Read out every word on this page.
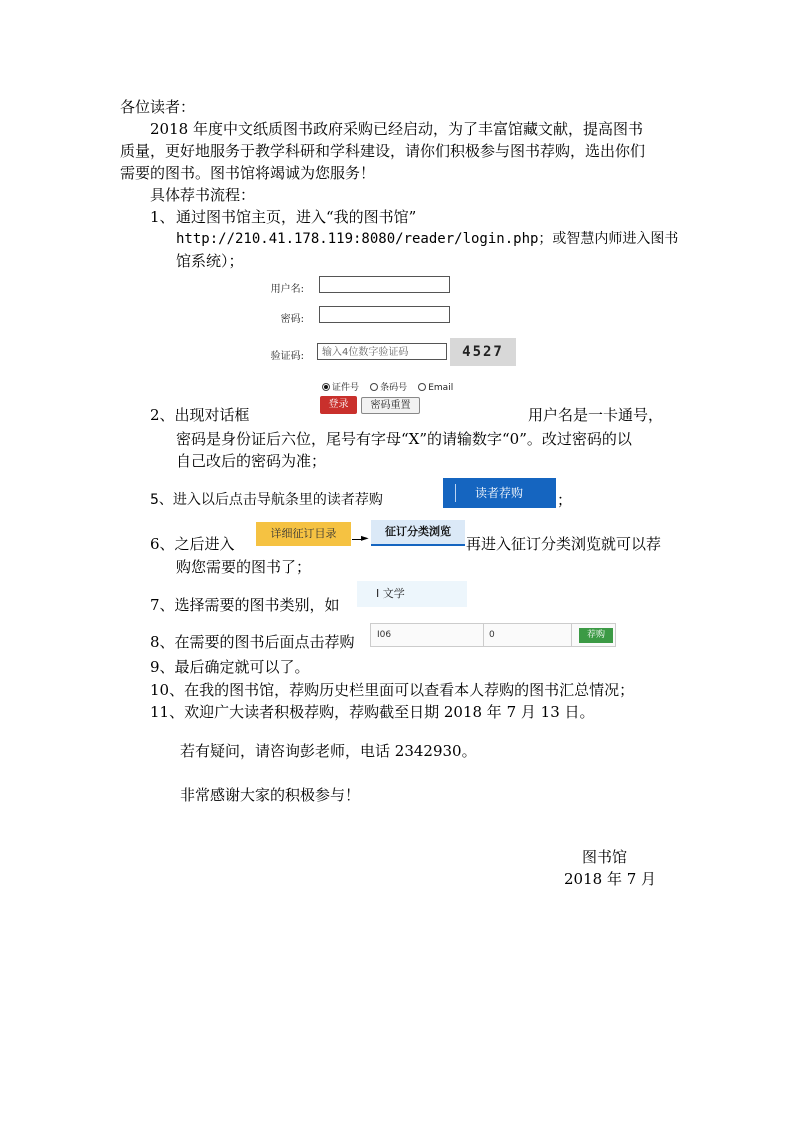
各位读者：
2018 年度中文纸质图书政府采购已经启动，为了丰富馆藏文献，提高图书
质量，更好地服务于教学科研和学科建设，请你们积极参与图书荐购，选出你们
需要的图书。图书馆将竭诚为您服务！
具体荐书流程：
1、 通过图书馆主页，进入“我的图书馆”
http://210.41.178.119:8080/reader/login.php；或智慧内师进入图书
馆系统）；
用户名:
密码:
验证码:	输入4位数字验证码	4527
证件号 条码号 Email
2、出现对话框
登录	密码重置
用户名是一卡通号，
密码是身份证后六位，尾号有字母“X”的请输数字“0”。改过密码的以
自己改后的密码为准；
5、进入以后点击导航条里的读者荐购	读者荐购 ；
6、之后进入
详细征订目录	►
征订分类浏览
再进入征订分类浏览就可以荐
购您需要的图书了；
7、选择需要的图书类别，如
I 文学
8、在需要的图书后面点击荐购 I06	0	荐购
9、最后确定就可以了。
10、在我的图书馆，荐购历史栏里面可以查看本人荐购的图书汇总情况；
11、欢迎广大读者积极荐购，荐购截至日期 2018 年 7 月 13 日。
若有疑问，请咨询彭老师，电话 2342930。
非常感谢大家的积极参与！
图书馆
2018 年 7 月
